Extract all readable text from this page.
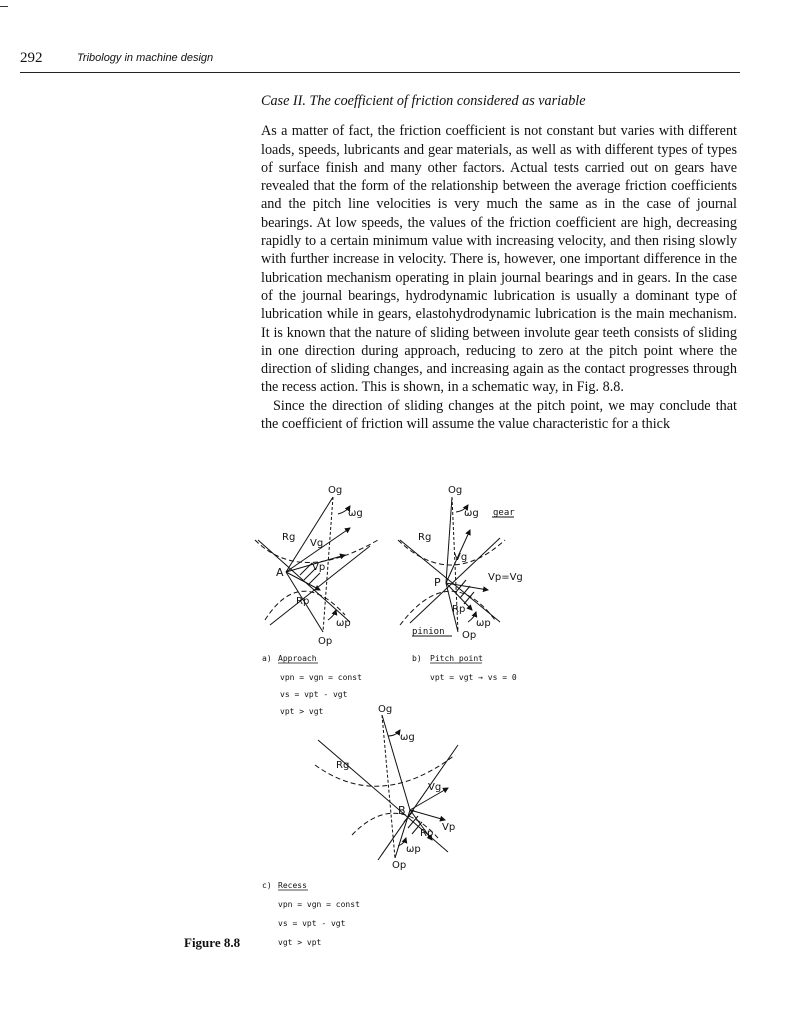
292	Tribology in machine design

Case II. The coefficient of friction considered as variable

As a matter of fact, the friction coefficient is not constant but varies with different loads, speeds, lubricants and gear materials, as well as with different types of types of surface finish and many other factors. Actual tests carried out on gears have revealed that the form of the relationship between the average friction coefficients and the pitch line velocities is very much the same as in the case of journal bearings. At low speeds, the values of the friction coefficient are high, decreasing rapidly to a certain minimum value with increasing velocity, and then rising slowly with further increase in velocity. There is, however, one important difference in the lubrication mechanism operating in plain journal bearings and in gears. In the case of the journal bearings, hydrodynamic lubrication is usually a dominant type of lubrication while in gears, elastohydrodynamic lubrication is the main mechanism. It is known that the nature of sliding between involute gear teeth consists of sliding in one direction during approach, reducing to zero at the pitch point where the direction of sliding changes, and increasing again as the contact progresses through the recess action. This is shown, in a schematic way, in Fig. 8.8.

Since the direction of sliding changes at the pitch point, we may conclude that the coefficient of friction will assume the value characteristic for a thick

Og
Op
Rg
Rp
ωg
ωp
A
Vg
Vp
Og
Op
Rg
Rp
ωg
ωp
P
Vg
Vp=Vg
gear
pinion
a) Approach
vpn = vgn = const
vs = vpt - vgt
vpt > vgt
b) Pitch point
vpt = vgt → vs = 0
Og
Op
Rg
Rp
ωg
ωp
B
Vg
Vp
c) Recess
vpn = vgn = const
vs = vpt - vgt
vgt > vpt
Figure 8.8
